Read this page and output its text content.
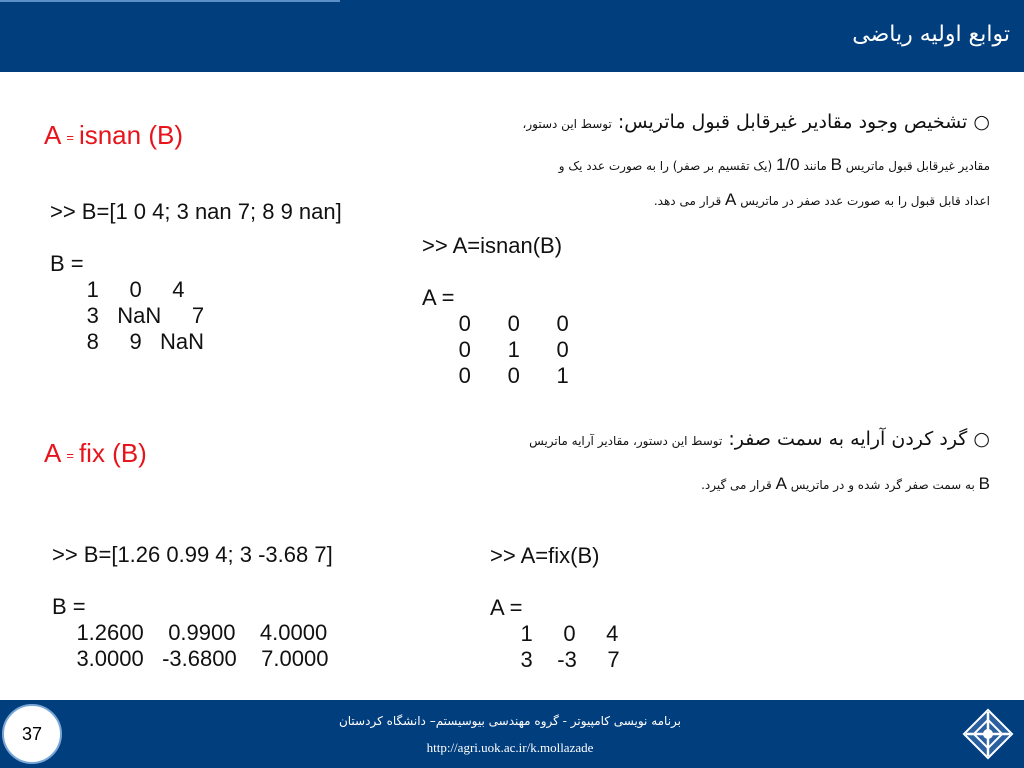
توابع اولیه ریاضی
A = isnan (B)
>> B=[1 0 4; 3 nan 7; 8 9 nan]

B =
1     0     4
3   NaN     7
8     9   NaN
A = fix (B)
>> B=[1.26 0.99 4; 3 -3.68 7]

B =
1.2600    0.9900    4.0000
3.0000   -3.6800    7.0000
○ تشخیص وجود مقادیر غیرقابل قبول ماتریس: توسط این دستور،
مقادیر غیرقابل قبول ماتریس B مانند 1/0 (یک تقسیم بر صفر) را به صورت عدد یک و
اعداد قابل قبول را به صورت عدد صفر در ماتریس A قرار می دهد.
>> A=isnan(B)

A =
0      0      0
0      1      0
0      0      1
○ گرد کردن آرایه به سمت صفر: توسط این دستور، مقادیر آرایه ماتریس
B به سمت صفر گرد شده و در ماتریس A قرار می گیرد.
>> A=fix(B)

A =
1     0     4
3    -3     7
37
برنامه نویسی کامپیوتر - گروه مهندسی بیوسیستم– دانشگاه کردستان
http://agri.uok.ac.ir/k.mollazade
